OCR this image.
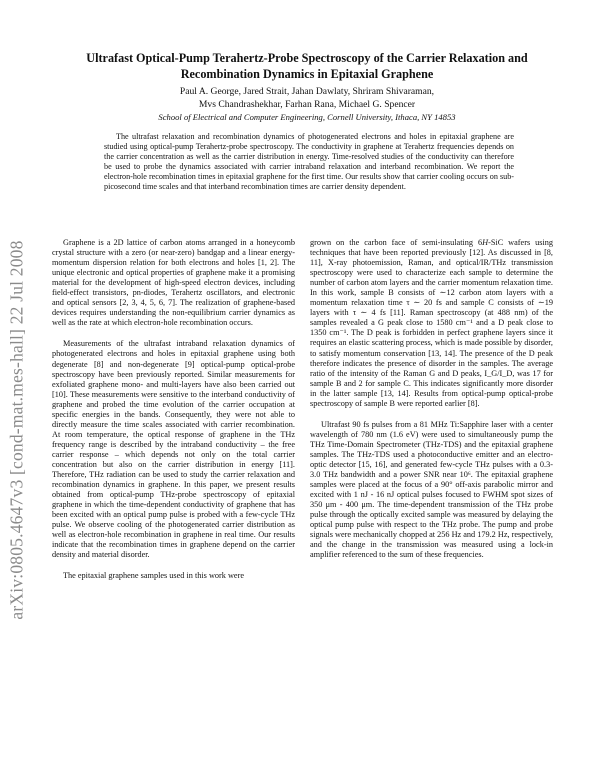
arXiv:0805.4647v3 [cond-mat.mes-hall] 22 Jul 2008
Ultrafast Optical-Pump Terahertz-Probe Spectroscopy of the Carrier Relaxation and
Recombination Dynamics in Epitaxial Graphene
Paul A. George, Jared Strait, Jahan Dawlaty, Shriram Shivaraman,
Mvs Chandrashekhar, Farhan Rana, Michael G. Spencer
School of Electrical and Computer Engineering, Cornell University, Ithaca, NY 14853
The ultrafast relaxation and recombination dynamics of photogenerated electrons and holes in epitaxial graphene are studied using optical-pump Terahertz-probe spectroscopy. The conductivity in graphene at Terahertz frequencies depends on the carrier concentration as well as the carrier distribution in energy. Time-resolved studies of the conductivity can therefore be used to probe the dynamics associated with carrier intraband relaxation and interband recombination. We report the electron-hole recombination times in epitaxial graphene for the first time. Our results show that carrier cooling occurs on sub-picosecond time scales and that interband recombination times are carrier density dependent.

Graphene is a 2D lattice of carbon atoms arranged in a honeycomb crystal structure with a zero (or near-zero) bandgap and a linear energy-momentum dispersion relation for both electrons and holes [1, 2]. The unique electronic and optical properties of graphene make it a promising material for the development of high-speed electron devices, including field-effect transistors, pn-diodes, Terahertz oscillators, and electronic and optical sensors [2, 3, 4, 5, 6, 7]. The realization of graphene-based devices requires understanding the non-equilibrium carrier dynamics as well as the rate at which electron-hole recombination occurs.

Measurements of the ultrafast intraband relaxation dynamics of photogenerated electrons and holes in epitaxial graphene using both degenerate [8] and non-degenerate [9] optical-pump optical-probe spectroscopy have been previously reported. Similar measurements for exfoliated graphene mono- and multi-layers have also been carried out [10]. These measurements were sensitive to the interband conductivity of graphene and probed the time evolution of the carrier occupation at specific energies in the bands. Consequently, they were not able to directly measure the time scales associated with carrier recombination. At room temperature, the optical response of graphene in the THz frequency range is described by the intraband conductivity – the free carrier response – which depends not only on the total carrier concentration but also on the carrier distribution in energy [11]. Therefore, THz radiation can be used to study the carrier relaxation and recombination dynamics in graphene. In this paper, we present results obtained from optical-pump THz-probe spectroscopy of epitaxial graphene in which the time-dependent conductivity of graphene that has been excited with an optical pump pulse is probed with a few-cycle THz pulse. We observe cooling of the photogenerated carrier distribution as well as electron-hole recombination in graphene in real time. Our results indicate that the recombination times in graphene depend on the carrier density and material disorder.

The epitaxial graphene samples used in this work were

grown on the carbon face of semi-insulating 6H-SiC wafers using techniques that have been reported previously [12]. As discussed in [8, 11], X-ray photoemission, Raman, and optical/IR/THz transmission spectroscopy were used to characterize each sample to determine the number of carbon atom layers and the carrier momentum relaxation time. In this work, sample B consists of ∼12 carbon atom layers with a momentum relaxation time τ ∼ 20 fs and sample C consists of ∼19 layers with τ ∼ 4 fs [11]. Raman spectroscopy (at 488 nm) of the samples revealed a G peak close to 1580 cm⁻¹ and a D peak close to 1350 cm⁻¹. The D peak is forbidden in perfect graphene layers since it requires an elastic scattering process, which is made possible by disorder, to satisfy momentum conservation [13, 14]. The presence of the D peak therefore indicates the presence of disorder in the samples. The average ratio of the intensity of the Raman G and D peaks, I_G/I_D, was 17 for sample B and 2 for sample C. This indicates significantly more disorder in the latter sample [13, 14]. Results from optical-pump optical-probe spectroscopy of sample B were reported earlier [8].

Ultrafast 90 fs pulses from a 81 MHz Ti:Sapphire laser with a center wavelength of 780 nm (1.6 eV) were used to simultaneously pump the THz Time-Domain Spectrometer (THz-TDS) and the epitaxial graphene samples. The THz-TDS used a photoconductive emitter and an electro-optic detector [15, 16], and generated few-cycle THz pulses with a 0.3-3.0 THz bandwidth and a power SNR near 10⁶. The epitaxial graphene samples were placed at the focus of a 90° off-axis parabolic mirror and excited with 1 nJ - 16 nJ optical pulses focused to FWHM spot sizes of 350 μm - 400 μm. The time-dependent transmission of the THz probe pulse through the optically excited sample was measured by delaying the optical pump pulse with respect to the THz probe. The pump and probe signals were mechanically chopped at 256 Hz and 179.2 Hz, respectively, and the change in the transmission was measured using a lock-in amplifier referenced to the sum of these frequencies.
